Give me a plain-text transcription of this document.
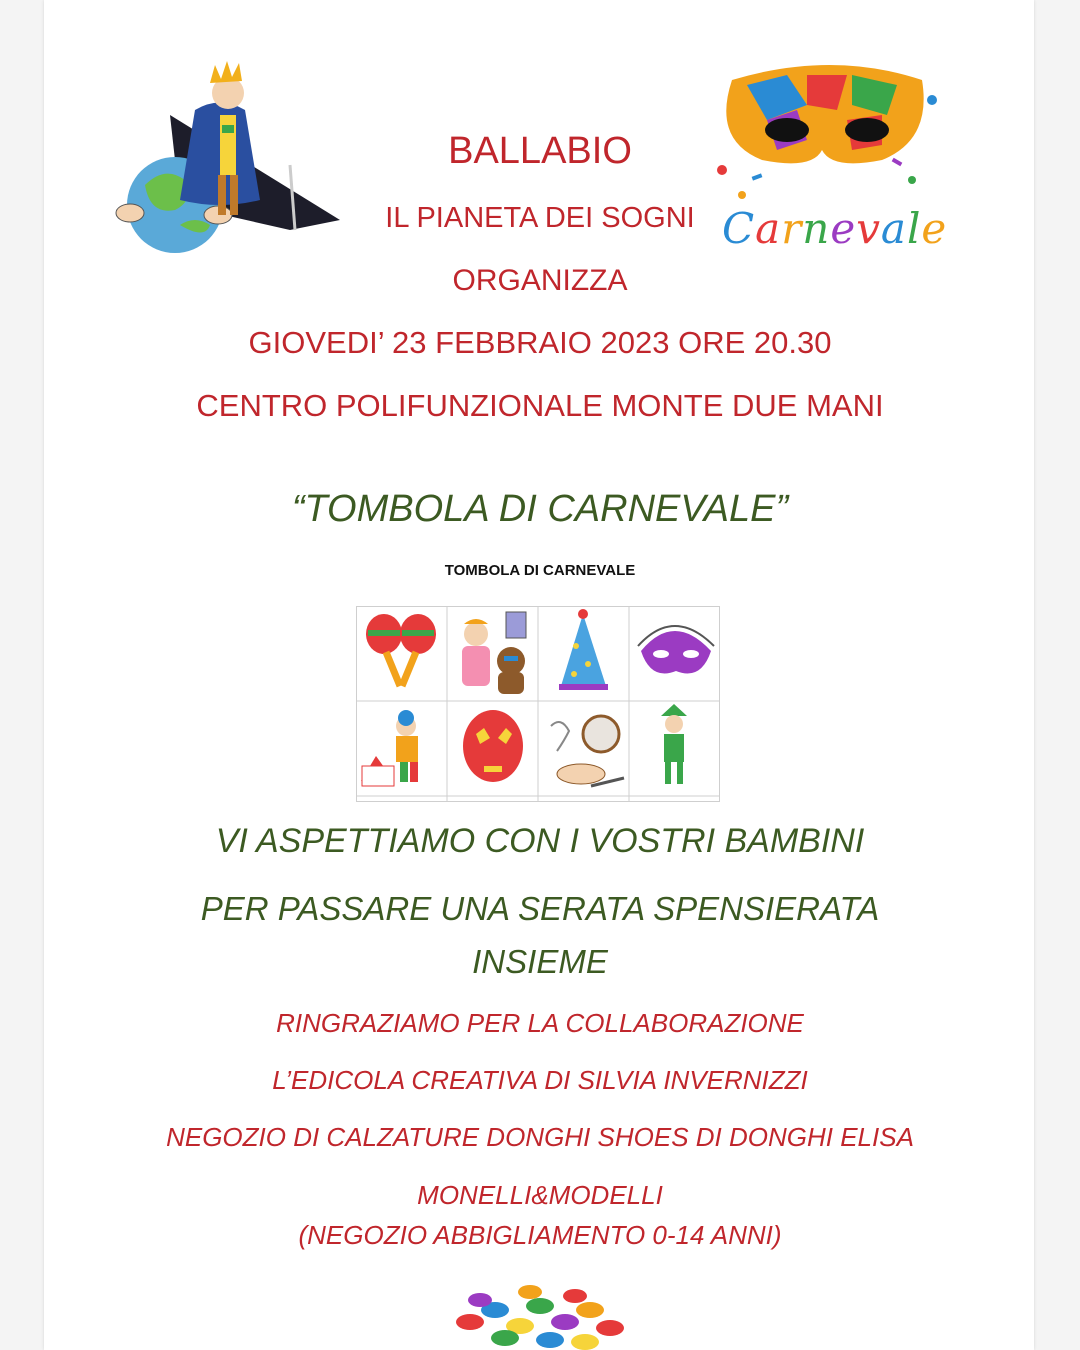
Carnevale
BALLABIO
IL PIANETA DEI SOGNI
ORGANIZZA
GIOVEDI’ 23 FEBBRAIO 2023 ORE 20.30
CENTRO POLIFUNZIONALE MONTE DUE MANI
“TOMBOLA DI CARNEVALE”
TOMBOLA DI CARNEVALE
VI ASPETTIAMO CON I VOSTRI BAMBINI
PER PASSARE UNA SERATA SPENSIERATA
INSIEME
RINGRAZIAMO PER LA COLLABORAZIONE
L’EDICOLA CREATIVA DI SILVIA INVERNIZZI
NEGOZIO DI CALZATURE DONGHI SHOES DI DONGHI ELISA
MONELLI&MODELLI
(NEGOZIO ABBIGLIAMENTO 0-14 ANNI)
